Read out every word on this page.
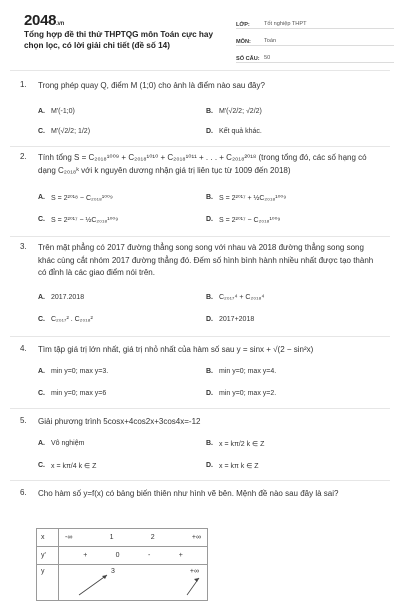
2048.vn
Tổng hợp đề thi thử THPTQG môn Toán cực hay chọn lọc, có lời giải chi tiết (đề số 14)
LỚP:	Tốt nghiệp THPT
MÔN:	Toán
SỐ CÂU: 50
1. Trong phép quay Q, điểm M (1;0) cho ảnh là điểm nào sau đây?
A. M'(-1;0)	B. M'(√2/2; √2/2)
C. M'(√2/2; 1/2)	D. Kết quả khác.
2. Tính tổng S = C₂₀₁₈¹⁰⁰⁹ + C₂₀₁₈¹⁰¹⁰ + C₂₀₁₈¹⁰¹¹ + . . . + C₂₀₁₈²⁰¹⁸ (trong tổng đó, các số hạng có dạng C₂₀₁₈ᵏ với k nguyên dương nhận giá trị liên tục từ 1009 đến 2018)
A. S = 2²⁰¹⁸ − C₂₀₁₈¹⁰⁰⁹	B. S = 2²⁰¹⁷ + ½C₂₀₁₈¹⁰⁰⁹
C. S = 2²⁰¹⁷ − ½C₂₀₁₈¹⁰⁰⁹	D. S = 2²⁰¹⁷ − C₂₀₁₈¹⁰⁰⁹
3. Trên mặt phẳng có 2017 đường thẳng song song với nhau và 2018 đường thẳng song song khác cùng cắt nhóm 2017 đường thẳng đó. Đếm số hình bình hành nhiều nhất được tạo thành có đỉnh là các giao điểm nói trên.
A. 2017.2018	B. C₂₀₁₇⁴ + C₂₀₁₈⁴
C. C₂₀₁₇² . C₂₀₁₈²	D. 2017+2018
4. Tìm tập giá trị lớn nhất, giá trị nhỏ nhất của hàm số sau y = sinx + √(2 − sin²x)
A. min y=0; max y=3.	B. min y=0; max y=4.
C. min y=0; max y=6	D. min y=0; max y=2.
5. Giải phương trình 5cosx+4cos2x+3cos4x=-12
A. Vô nghiệm	B. x = kπ/2 k ∈ Z
C. x = kπ/4 k ∈ Z	D. x = kπ k ∈ Z
6. Cho hàm số y=f(x) có bảng biến thiên như hình vẽ bên. Mệnh đề nào sau đây là sai?
x	-∞ 1 2 +∞

y'	+ 0 - +

y	3 +∞
